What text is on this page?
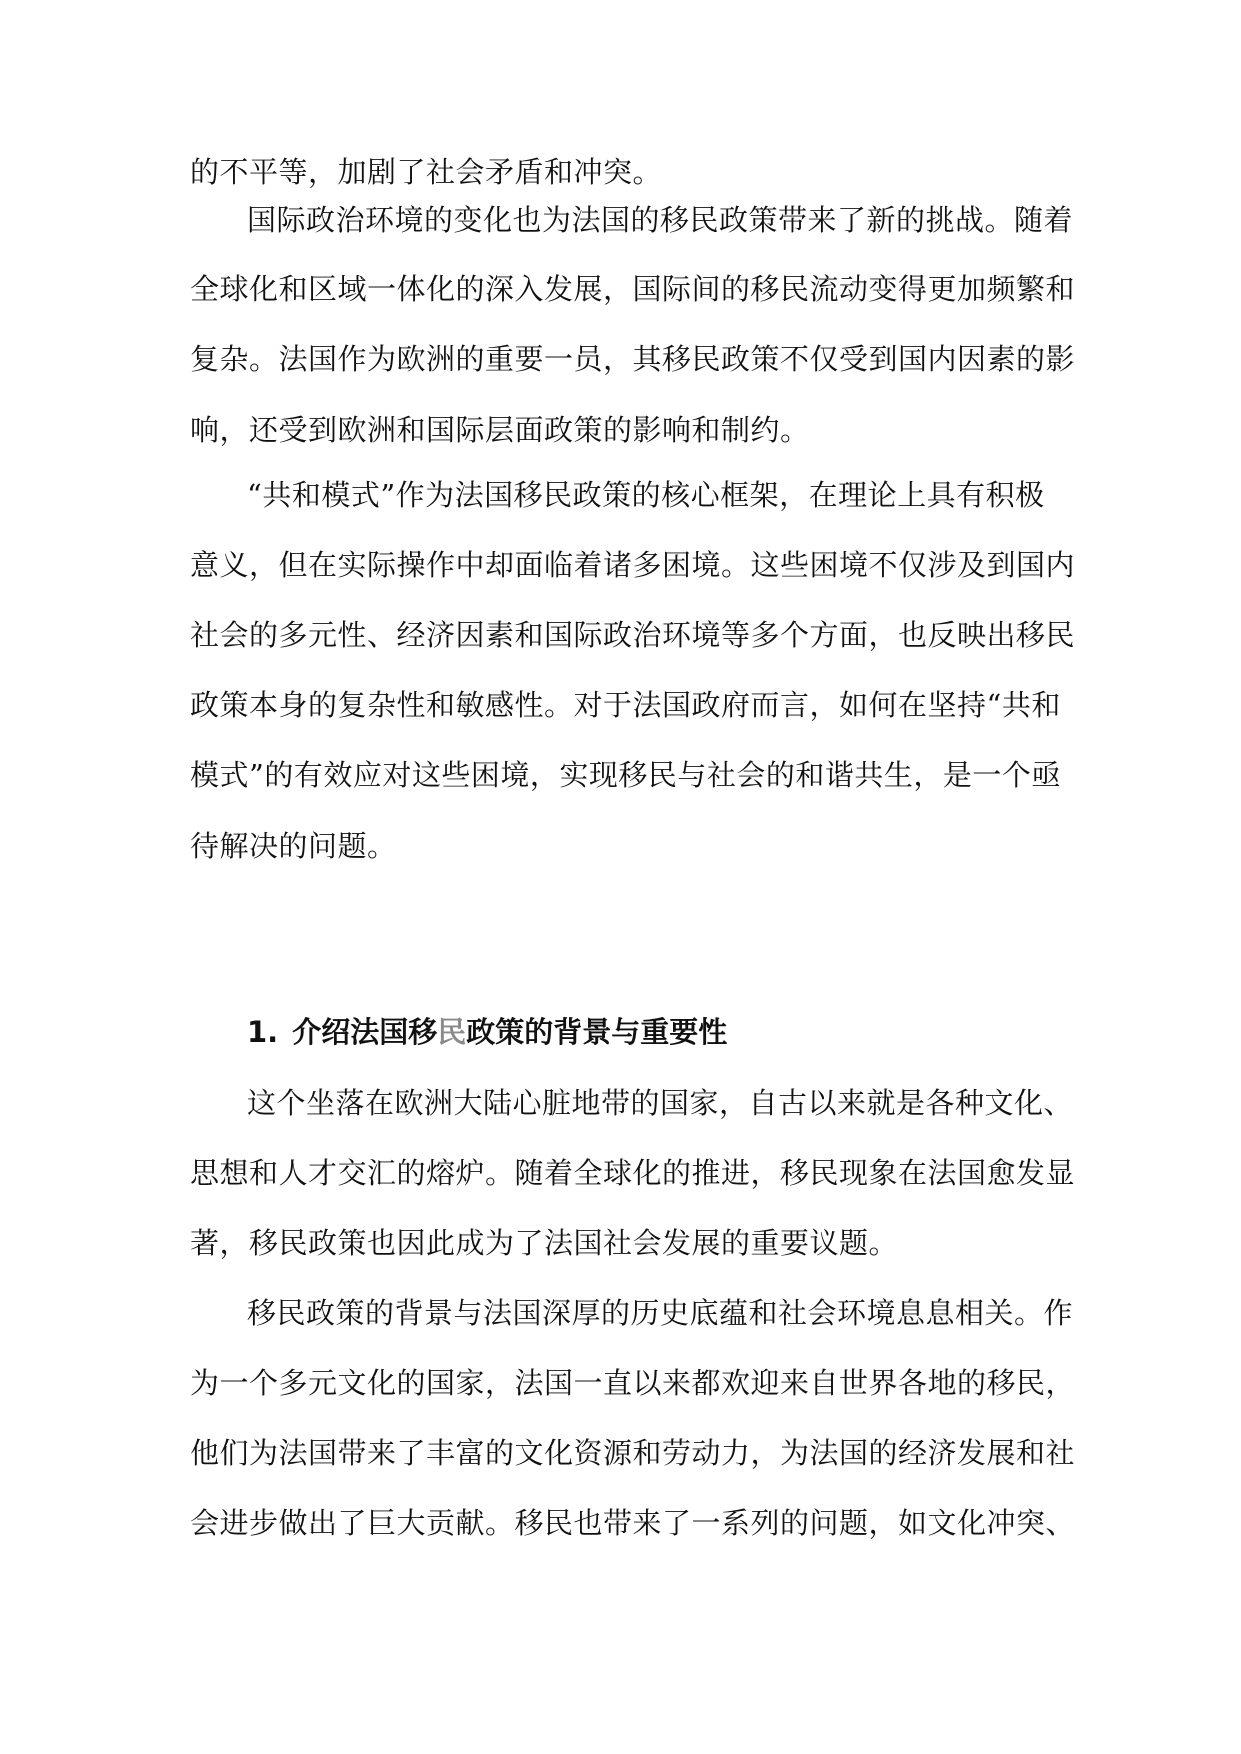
的不平等，加剧了社会矛盾和冲突。
国际政治环境的变化也为法国的移民政策带来了新的挑战。随着
全球化和区域一体化的深入发展，国际间的移民流动变得更加频繁和
复杂。法国作为欧洲的重要一员，其移民政策不仅受到国内因素的影
响，还受到欧洲和国际层面政策的影响和制约。
“共和模式”作为法国移民政策的核心框架，在理论上具有积极
意义，但在实际操作中却面临着诸多困境。这些困境不仅涉及到国内
社会的多元性、经济因素和国际政治环境等多个方面，也反映出移民
政策本身的复杂性和敏感性。对于法国政府而言，如何在坚持“共和
模式”的有效应对这些困境，实现移民与社会的和谐共生，是一个亟
待解决的问题。
1. 介绍法国移民政策的背景与重要性
这个坐落在欧洲大陆心脏地带的国家，自古以来就是各种文化、
思想和人才交汇的熔炉。随着全球化的推进，移民现象在法国愈发显
著，移民政策也因此成为了法国社会发展的重要议题。
移民政策的背景与法国深厚的历史底蕴和社会环境息息相关。作
为一个多元文化的国家，法国一直以来都欢迎来自世界各地的移民，
他们为法国带来了丰富的文化资源和劳动力，为法国的经济发展和社
会进步做出了巨大贡献。移民也带来了一系列的问题，如文化冲突、
